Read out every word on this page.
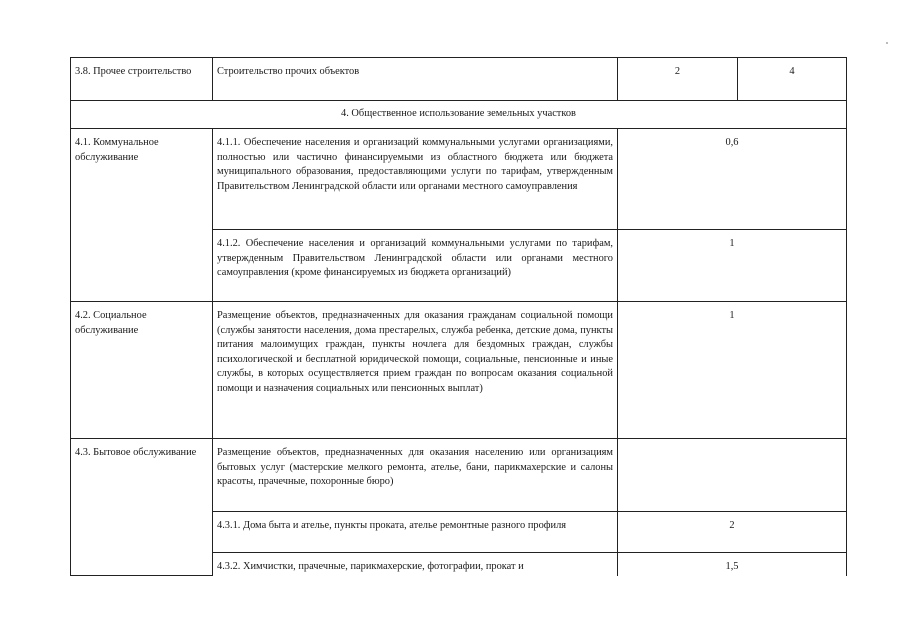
3.8. Прочее строительство	Строительство прочих объектов	2	4
4. Общественное использование земельных участков			
4.1. Коммунальное обслуживание	4.1.1. Обеспечение населения и организаций коммунальными услугами организациями, полностью или частично финансируемыми из областного бюджета или бюджета муниципального образования, предоставляющими услуги по тарифам, утвержденным Правительством Ленинградской области или органами местного самоуправления	0,6	
	4.1.2. Обеспечение населения и организаций коммунальными услугами по тарифам, утвержденным Правительством Ленинградской области или органами местного самоуправления (кроме финансируемых из бюджета организаций)	1	
4.2. Социальное обслуживание	Размещение объектов, предназначенных для оказания гражданам социальной помощи (службы занятости населения, дома престарелых, служба ребенка, детские дома, пункты питания малоимущих граждан, пункты ночлега для бездомных граждан, службы психологической и бесплатной юридической помощи, социальные, пенсионные и иные службы, в которых осуществляется прием граждан по вопросам оказания социальной помощи и назначения социальных или пенсионных выплат)	1	
4.3. Бытовое обслуживание	Размещение объектов, предназначенных для оказания населению или организациям бытовых услуг (мастерские мелкого ремонта, ателье, бани, парикмахерские и салоны красоты, прачечные, похоронные бюро)		
	4.3.1. Дома быта и ателье, пункты проката, ателье ремонтные разного профиля	2	
	4.3.2. Химчистки, прачечные, парикмахерские, фотографии, прокат и	1,5	
